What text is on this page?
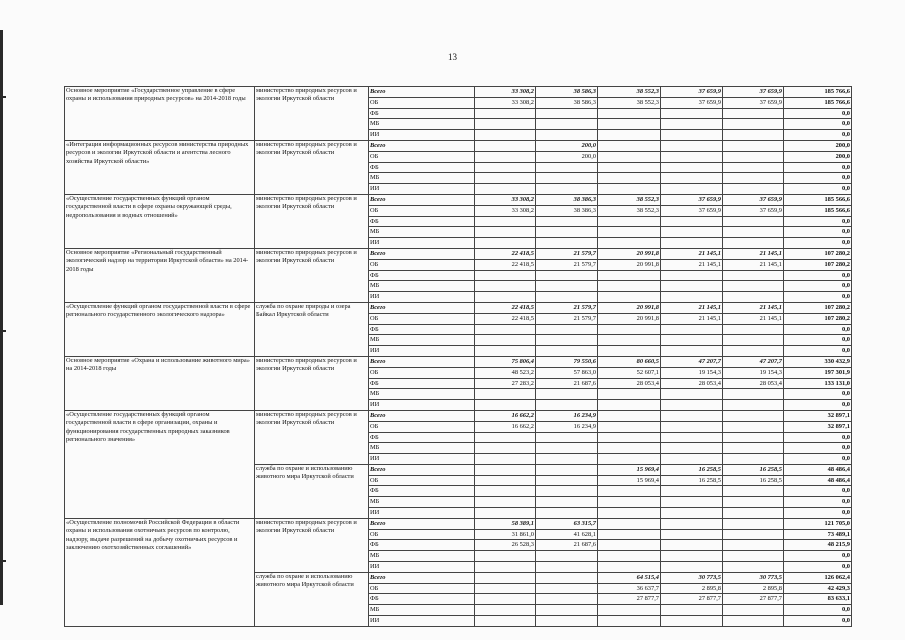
13
Основное мероприятие «Государственное управление в сфере охраны и использования природных ресурсов» на 2014-2018 годы	министерство природных ресурсов и экологии Иркутской области	Всего	33 308,2	38 586,3	38 552,3	37 659,9	37 659,9	185 766,6
		ОБ	33 308,2	38 586,3	38 552,3	37 659,9	37 659,9	185 766,6
		ФБ						0,0
		МБ						0,0
		ИИ						0,0
«Интеграция информационных ресурсов министерства природных ресурсов и экологии Иркутской области и агентства лесного хозяйства Иркутской области»	министерство природных ресурсов и экологии Иркутской области	Всего		200,0				200,0
		ОБ		200,0				200,0
		ФБ						0,0
		МБ						0,0
		ИИ						0,0
«Осуществление государственных функций органом государственной власти в сфере охраны окружающей среды, недропользования и водных отношений»	министерство природных ресурсов и экологии Иркутской области	Всего	33 308,2	38 386,3	38 552,3	37 659,9	37 659,9	185 566,6
		ОБ	33 308,2	38 386,3	38 552,3	37 659,9	37 659,9	185 566,6
		ФБ						0,0
		МБ						0,0
		ИИ						0,0
Основное мероприятие «Региональный государственный экологический надзор на территории Иркутской области» на 2014-2018 годы	министерство природных ресурсов и экологии Иркутской области	Всего	22 418,5	21 579,7	20 991,8	21 145,1	21 145,1	107 280,2
		ОБ	22 418,5	21 579,7	20 991,8	21 145,1	21 145,1	107 280,2
		ФБ						0,0
		МБ						0,0
		ИИ						0,0
«Осуществление функций органом государственной власти в сфере регионального государственного экологического надзора»	служба по охране природы и озера Байкал Иркутской области	Всего	22 418,5	21 579,7	20 991,8	21 145,1	21 145,1	107 280,2
		ОБ	22 418,5	21 579,7	20 991,8	21 145,1	21 145,1	107 280,2
		ФБ						0,0
		МБ						0,0
		ИИ						0,0
Основное мероприятие «Охрана и использование животного мира» на 2014-2018 годы	министерство природных ресурсов и экологии Иркутской области	Всего	75 806,4	79 550,6	80 660,5	47 207,7	47 207,7	330 432,9
		ОБ	48 523,2	57 863,0	52 607,1	19 154,3	19 154,3	197 301,9
		ФБ	27 283,2	21 687,6	28 053,4	28 053,4	28 053,4	133 131,0
		МБ						0,0
		ИИ						0,0
«Осуществление государственных функций органом государственной власти в сфере организации, охраны и функционирования государственных природных заказников регионального значения»	министерство природных ресурсов и экологии Иркутской области	Всего	16 662,2	16 234,9				32 897,1
		ОБ	16 662,2	16 234,9				32 897,1
		ФБ						0,0
		МБ						0,0
		ИИ						0,0
	служба по охране и использованию животного мира Иркутской области	Всего			15 969,4	16 258,5	16 258,5	48 486,4
		ОБ			15 969,4	16 258,5	16 258,5	48 486,4
		ФБ						0,0
		МБ						0,0
		ИИ						0,0
«Осуществление полномочий Российской Федерации в области охраны и использования охотничьих ресурсов по контролю, надзору, выдаче разрешений на добычу охотничьих ресурсов и заключению охотхозяйственных соглашений»	министерство природных ресурсов и экологии Иркутской области	Всего	58 389,1	63 315,7				121 705,0
		ОБ	31 861,0	41 628,1				73 489,1
		ФБ	26 528,3	21 687,6				48 215,9
		МБ						0,0
		ИИ						0,0
	служба по охране и использованию животного мира Иркутской области	Всего			64 515,4	30 773,5	30 773,5	126 062,4
		ОБ			36 637,7	2 895,8	2 895,8	42 429,3
		ФБ			27 877,7	27 877,7	27 877,7	83 633,1
		МБ						0,0
		ИИ						0,0
